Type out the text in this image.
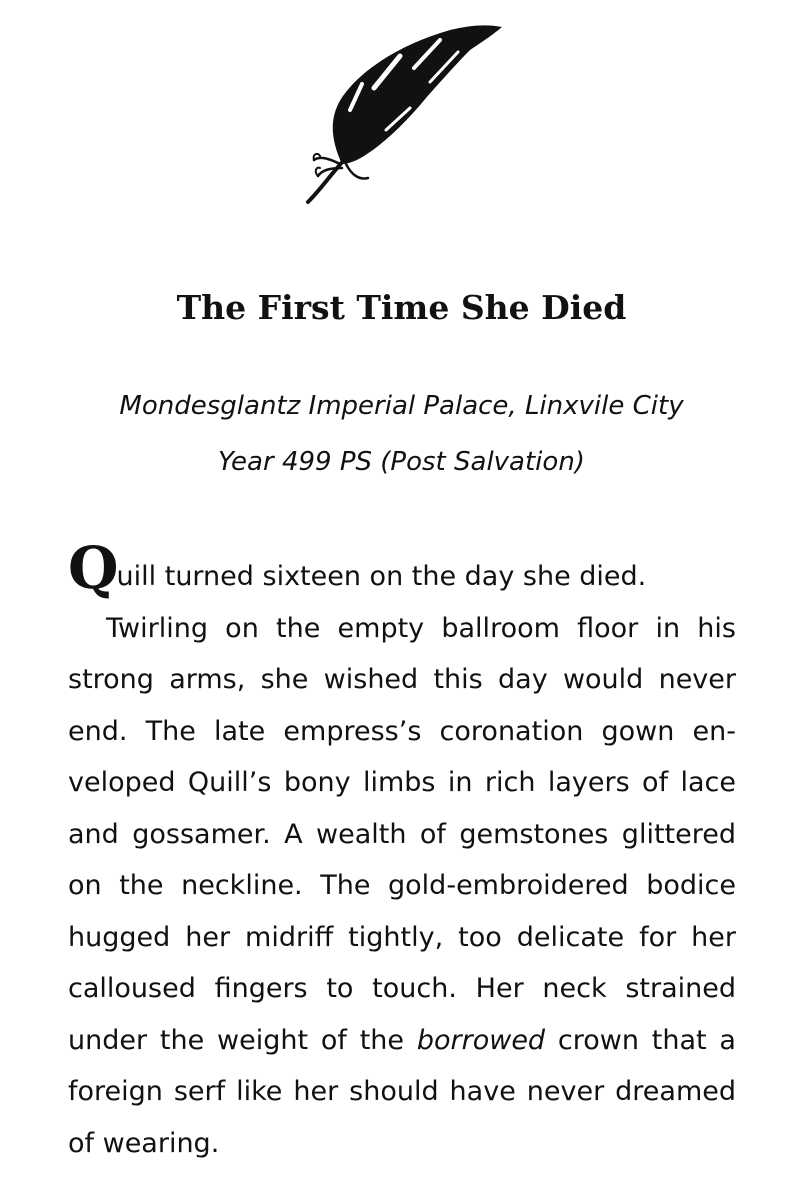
The First Time She Died

Mondesglantz Imperial Palace, Linxvile City

Year 499 PS (Post Salvation)

Quill turned sixteen on the day she died.

Twirling on the empty ballroom floor in his strong arms, she wished this day would never end. The late empress’s coronation gown enveloped Quill’s bony limbs in rich layers of lace and gossamer. A wealth of gemstones glittered on the neckline. The gold-embroidered bodice hugged her midriff tightly, too delicate for her calloused fingers to touch. Her neck strained under the weight of the borrowed crown that a foreign serf like her should have never dreamed of wearing.
